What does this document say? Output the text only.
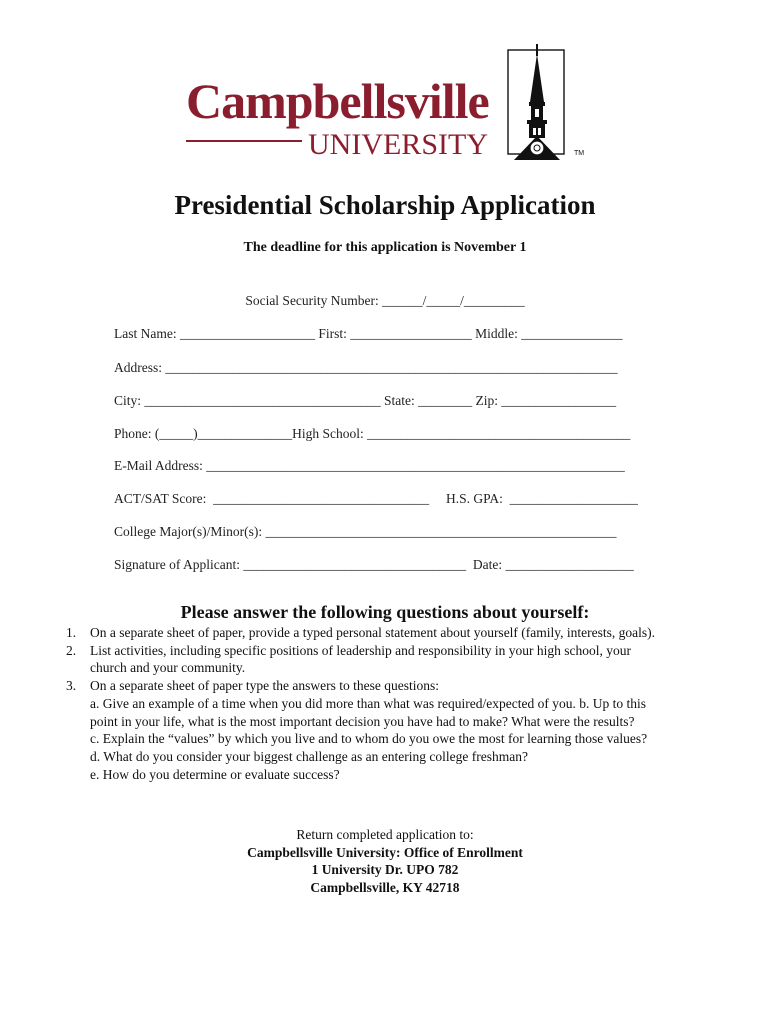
Campbellsville
UNIVERSITY	TM
Presidential Scholarship Application
The deadline for this application is November 1
Social Security Number: ______/_____/_________
Last Name: ____________________ First: __________________ Middle: _______________
Address: ___________________________________________________________________
City: ___________________________________ State: ________ Zip: _________________
Phone: (_____)______________High School: _______________________________________
E-Mail Address: ______________________________________________________________
ACT/SAT Score:  ________________________________     H.S. GPA:  ___________________
College Major(s)/Minor(s): ____________________________________________________
Signature of Applicant: _________________________________  Date: ___________________
Please answer the following questions about yourself:
1. On a separate sheet of paper, provide a typed personal statement about yourself (family, interests, goals).
2. List activities, including specific positions of leadership and responsibility in your high school, your
church and your community.
3. On a separate sheet of paper type the answers to these questions:
a. Give an example of a time when you did more than what was required/expected of you. b. Up to this
point in your life, what is the most important decision you have had to make? What were the results?
c. Explain the “values” by which you live and to whom do you owe the most for learning those values?
d. What do you consider your biggest challenge as an entering college freshman?
e. How do you determine or evaluate success?
Return completed application to:
Campbellsville University: Office of Enrollment
1 University Dr. UPO 782
Campbellsville, KY 42718
